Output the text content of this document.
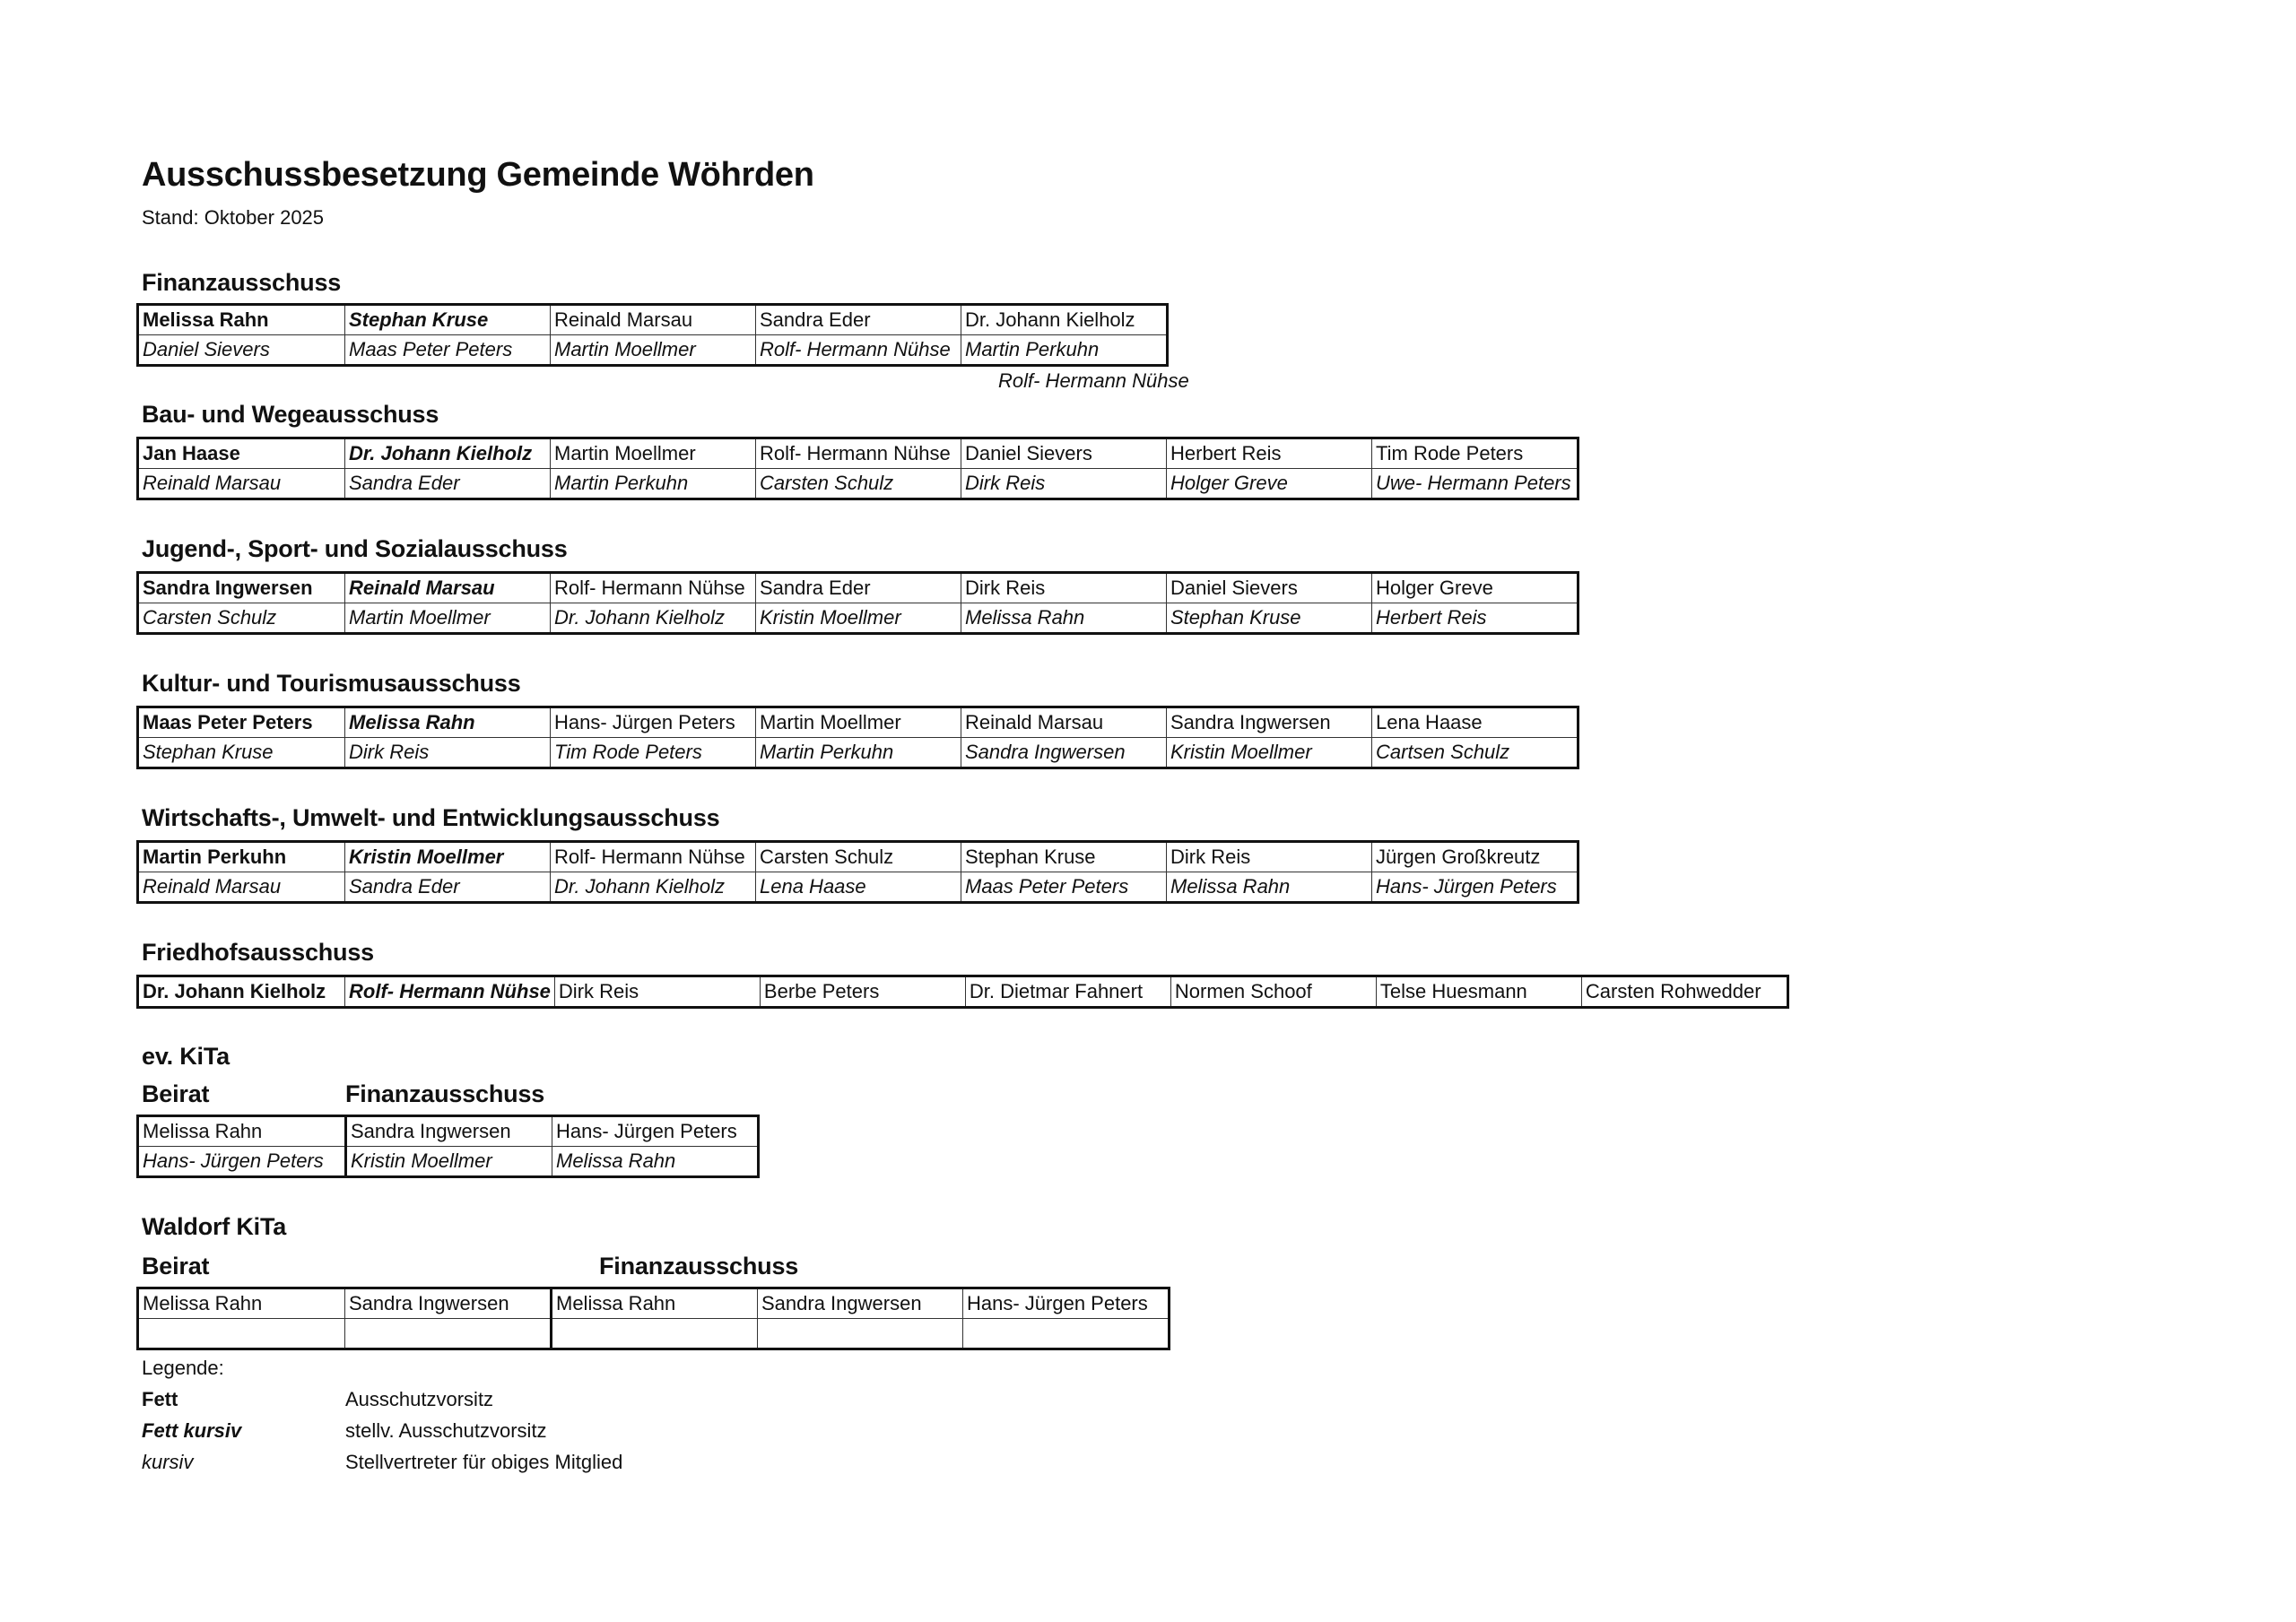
Ausschussbesetzung Gemeinde Wöhrden
Stand: Oktober 2025
Finanzausschuss
Melissa Rahn	Stephan Kruse	Reinald Marsau	Sandra Eder	Dr. Johann Kielholz
Daniel Sievers	Maas Peter Peters	Martin Moellmer	Rolf- Hermann Nühse	Martin Perkuhn
Rolf- Hermann Nühse
Bau- und Wegeausschuss
Jan Haase	Dr. Johann Kielholz	Martin Moellmer	Rolf- Hermann Nühse	Daniel Sievers	Herbert Reis	Tim Rode Peters
Reinald Marsau	Sandra Eder	Martin Perkuhn	Carsten Schulz	Dirk Reis	Holger Greve	Uwe- Hermann Peters
Jugend-, Sport- und Sozialausschuss
Sandra Ingwersen	Reinald Marsau	Rolf- Hermann Nühse	Sandra Eder	Dirk Reis	Daniel Sievers	Holger Greve
Carsten Schulz	Martin Moellmer	Dr. Johann Kielholz	Kristin Moellmer	Melissa Rahn	Stephan Kruse	Herbert Reis
Kultur- und Tourismusausschuss
Maas Peter Peters	Melissa Rahn	Hans- Jürgen Peters	Martin Moellmer	Reinald Marsau	Sandra Ingwersen	Lena Haase
Stephan Kruse	Dirk Reis	Tim Rode Peters	Martin Perkuhn	Sandra Ingwersen	Kristin Moellmer	Cartsen Schulz
Wirtschafts-, Umwelt- und Entwicklungsausschuss
Martin Perkuhn	Kristin Moellmer	Rolf- Hermann Nühse	Carsten Schulz	Stephan Kruse	Dirk Reis	Jürgen Großkreutz
Reinald Marsau	Sandra Eder	Dr. Johann Kielholz	Lena Haase	Maas Peter Peters	Melissa Rahn	Hans- Jürgen Peters
Friedhofsausschuss
Dr. Johann Kielholz	Rolf- Hermann Nühse	Dirk Reis	Berbe Peters	Dr. Dietmar Fahnert	Normen Schoof	Telse Huesmann	Carsten Rohwedder
ev. KiTa
Beirat	Finanzausschuss
Melissa Rahn	Sandra Ingwersen	Hans- Jürgen Peters
Hans- Jürgen Peters	Kristin Moellmer	Melissa Rahn
Waldorf KiTa
Beirat	Finanzausschuss
Melissa Rahn	Sandra Ingwersen	Melissa Rahn	Sandra Ingwersen	Hans- Jürgen Peters

Legende:
Fett	Ausschutzvorsitz
Fett kursiv	stellv. Ausschutzvorsitz
kursiv	Stellvertreter für obiges Mitglied
